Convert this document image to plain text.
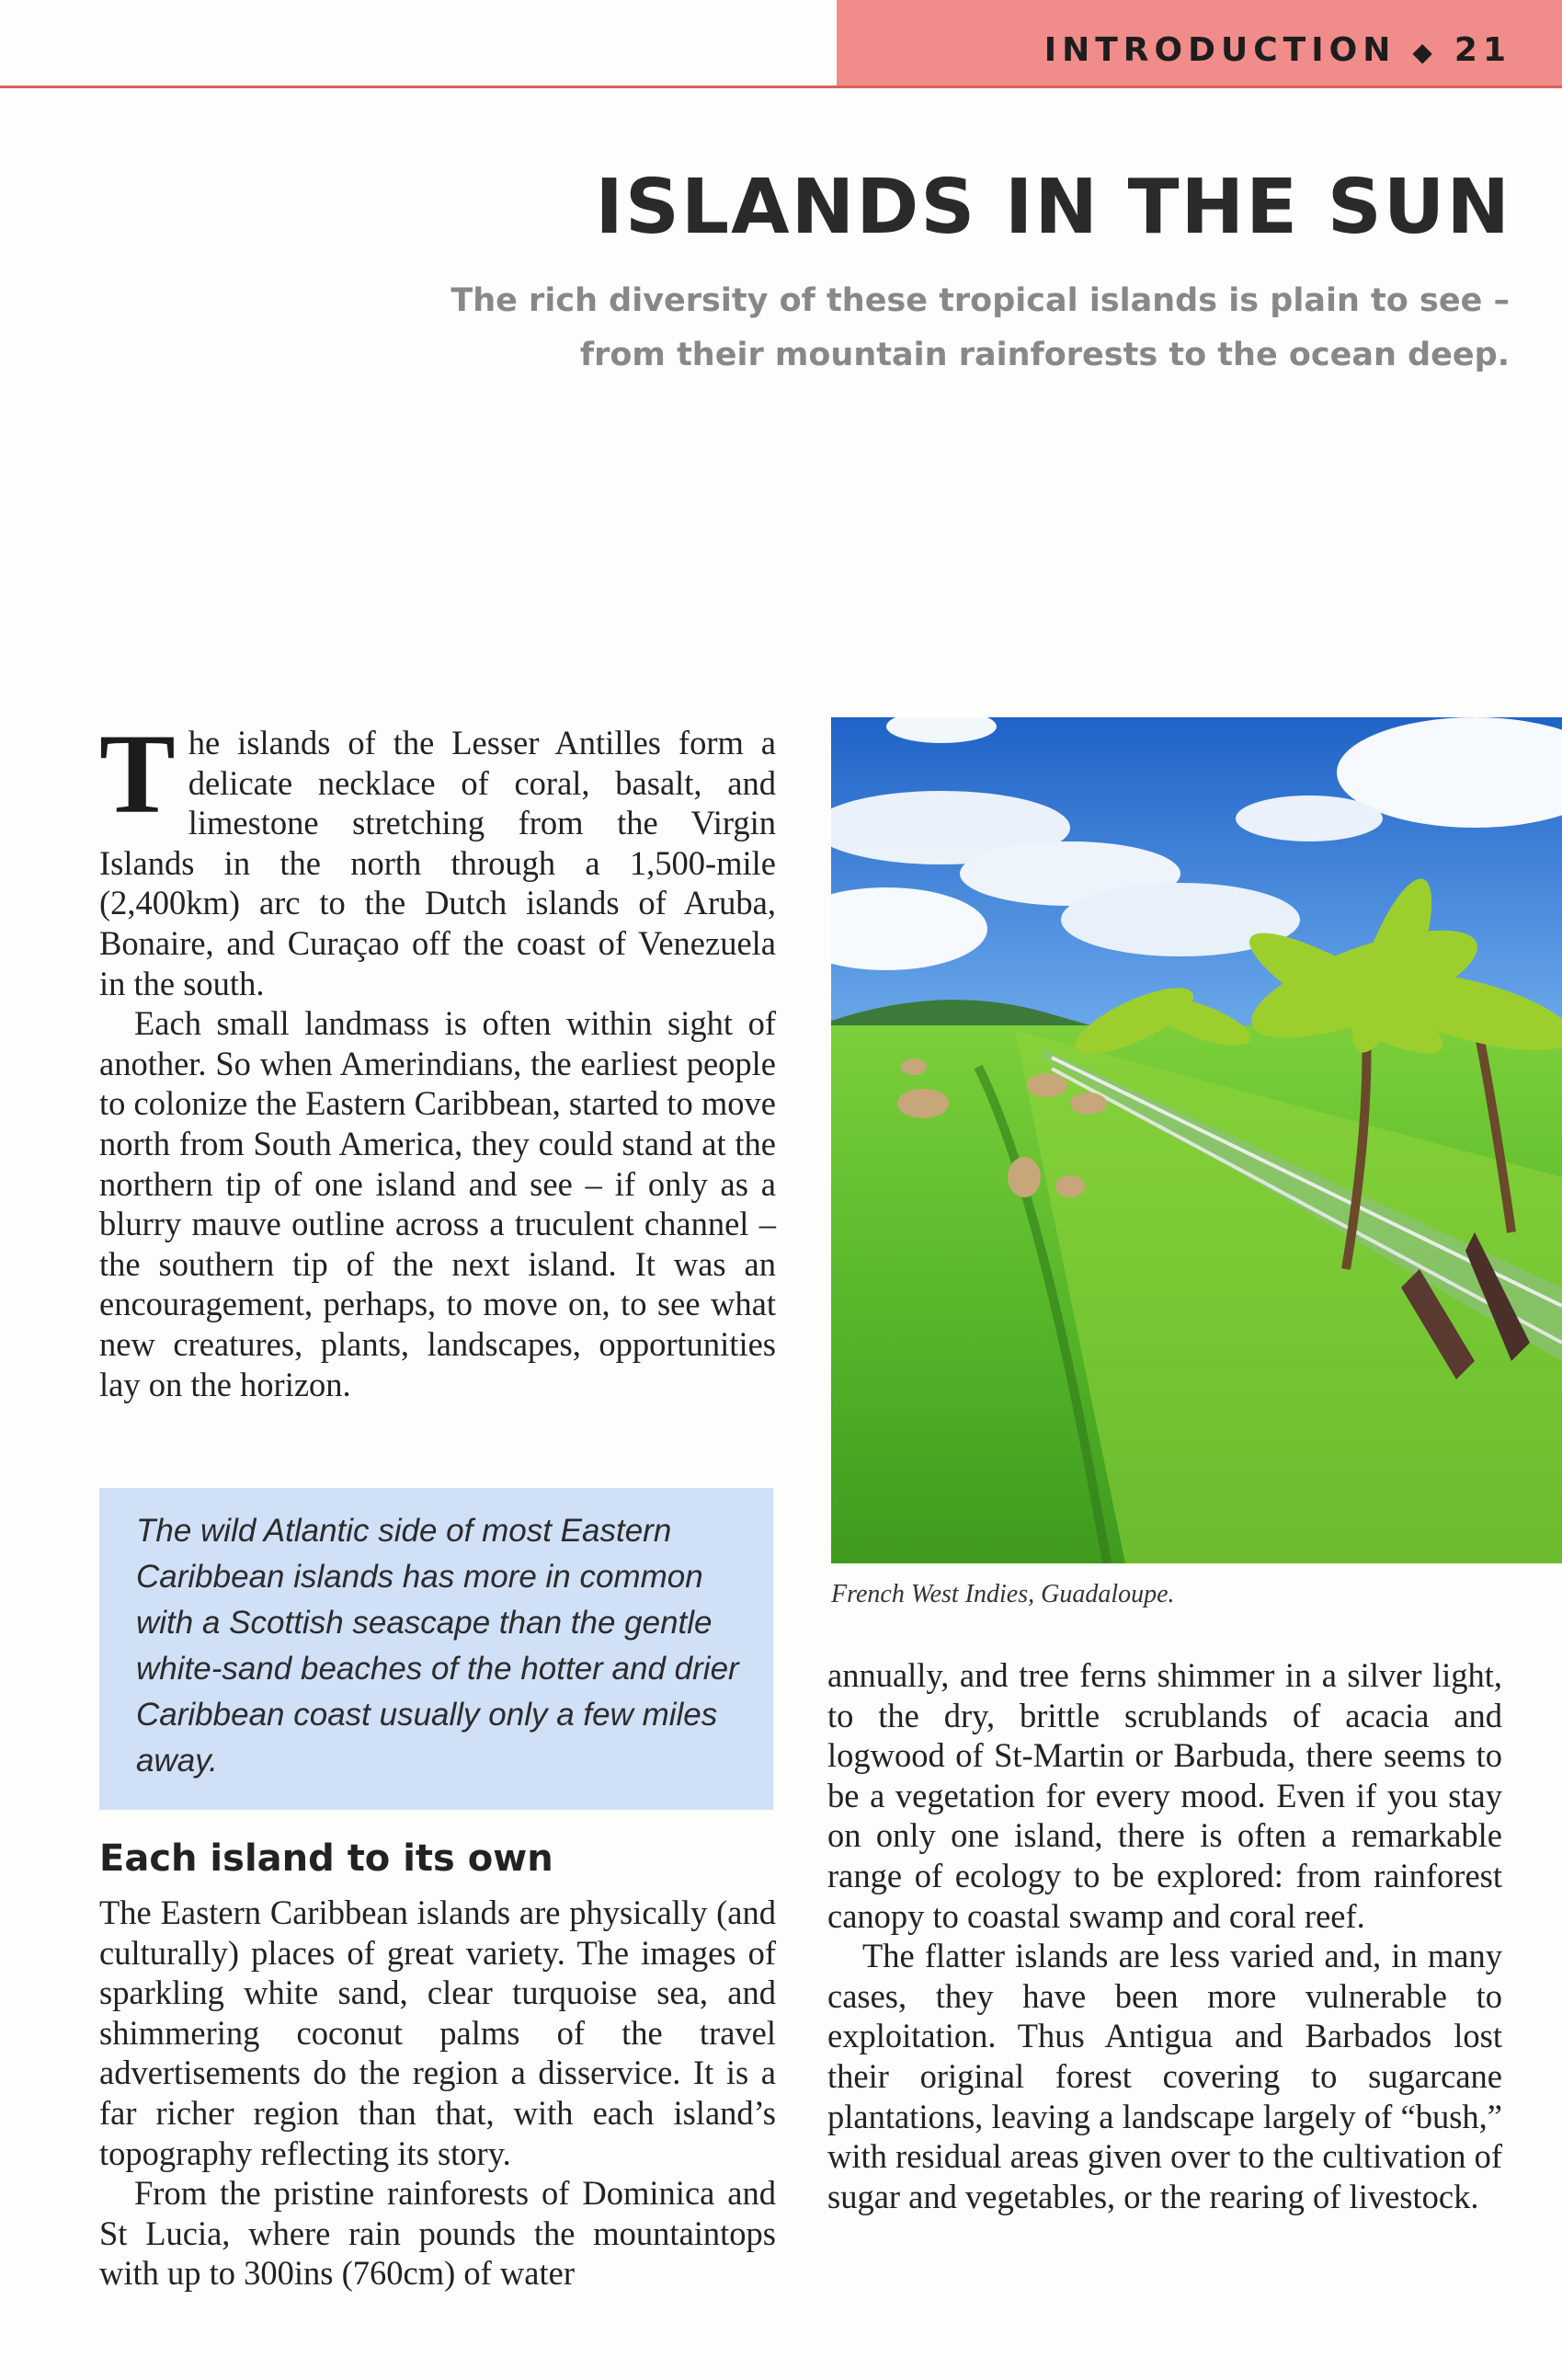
INTRODUCTION ◆ 21
ISLANDS IN THE SUN
The rich diversity of these tropical islands is plain to see – from their mountain rainforests to the ocean deep.

The islands of the Lesser Antilles form a delicate necklace of coral, basalt, and limestone stretching from the Virgin Islands in the north through a 1,500-mile (2,400km) arc to the Dutch islands of Aruba, Bonaire, and Curaçao off the coast of Venezuela in the south.

Each small landmass is often within sight of another. So when Amerindians, the earliest people to colonize the Eastern Caribbean, started to move north from South America, they could stand at the northern tip of one island and see – if only as a blurry mauve outline across a truculent channel – the southern tip of the next island. It was an encouragement, perhaps, to move on, to see what new creatures, plants, landscapes, opportunities lay on the horizon.

The wild Atlantic side of most Eastern Caribbean islands has more in common with a Scottish seascape than the gentle white-sand beaches of the hotter and drier Caribbean coast usually only a few miles away.
Each island to its own

The Eastern Caribbean islands are physically (and culturally) places of great variety. The images of sparkling white sand, clear turquoise sea, and shimmering coconut palms of the travel advertisements do the region a disservice. It is a far richer region than that, with each island’s topography reflecting its story.

From the pristine rainforests of Dominica and St Lucia, where rain pounds the mountaintops with up to 300ins (760cm) of water

French West Indies, Guadaloupe.

annually, and tree ferns shimmer in a silver light, to the dry, brittle scrublands of acacia and logwood of St-Martin or Barbuda, there seems to be a vegetation for every mood. Even if you stay on only one island, there is often a remarkable range of ecology to be explored: from rainforest canopy to coastal swamp and coral reef.

The flatter islands are less varied and, in many cases, they have been more vulnerable to exploitation. Thus Antigua and Barbados lost their original forest covering to sugarcane plantations, leaving a landscape largely of “bush,” with residual areas given over to the cultivation of sugar and vegetables, or the rearing of livestock.
